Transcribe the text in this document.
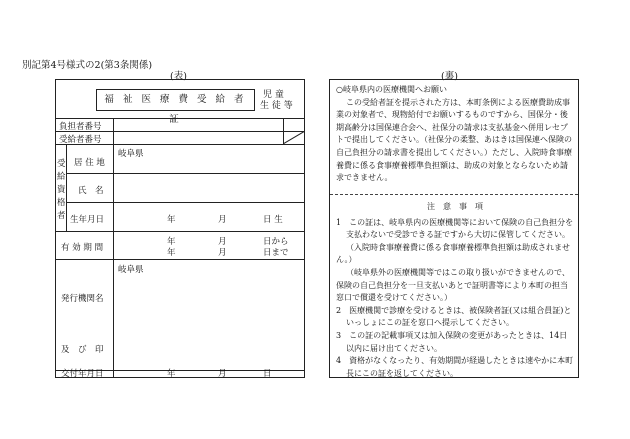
別記第4号様式の2(第3条関係)
(表)	(裏)
福 祉 医 療 費 受 給 者 証
児 童
生 徒 等
負担者番号
受給者番号
受
給
資
格
者
居 住 地
岐阜県
氏　名
生年月日	年	月	日 生
有 効 期 間
年	月	日から
年	月	日まで
発行機関名
岐阜県
及　び　印
交付年月日	年	月	日

○岐阜県内の医療機関へお願い

この受給者証を提示された方は、本町条例による医療費助成事業の対象者で、現物給付でお願いするものですから、国保分・後期高齢分は国保連合会へ、社保分の請求は支払基金へ併用レセプトで提出してください。（社保分の柔整、あはきは国保連へ保険の自己負担分の請求書を提出してください。）ただし、入院時食事療養費に係る食事療養標準負担額は、助成の対象とならないため請求できません。

注　意　事　項

1　この証は、岐阜県内の医療機関等において保険の自己負担分を支払わないで受診できる証ですから大切に保管してください。

（入院時食事療養費に係る食事療養標準負担額は助成されません。）

（岐阜県外の医療機関等ではこの取り扱いができませんので、保険の自己負担分を一旦支払いあとで証明書等により本町の担当窓口で償還を受けてください。）

2　医療機関で診療を受けるときは、被保険者証(又は組合員証)といっしょにこの証を窓口へ提示してください。

3　この証の記載事項又は加入保険の変更があったときは、14日以内に届け出てください。

4　資格がなくなったり、有効期間が経過したときは速やかに本町長にこの証を返してください。
